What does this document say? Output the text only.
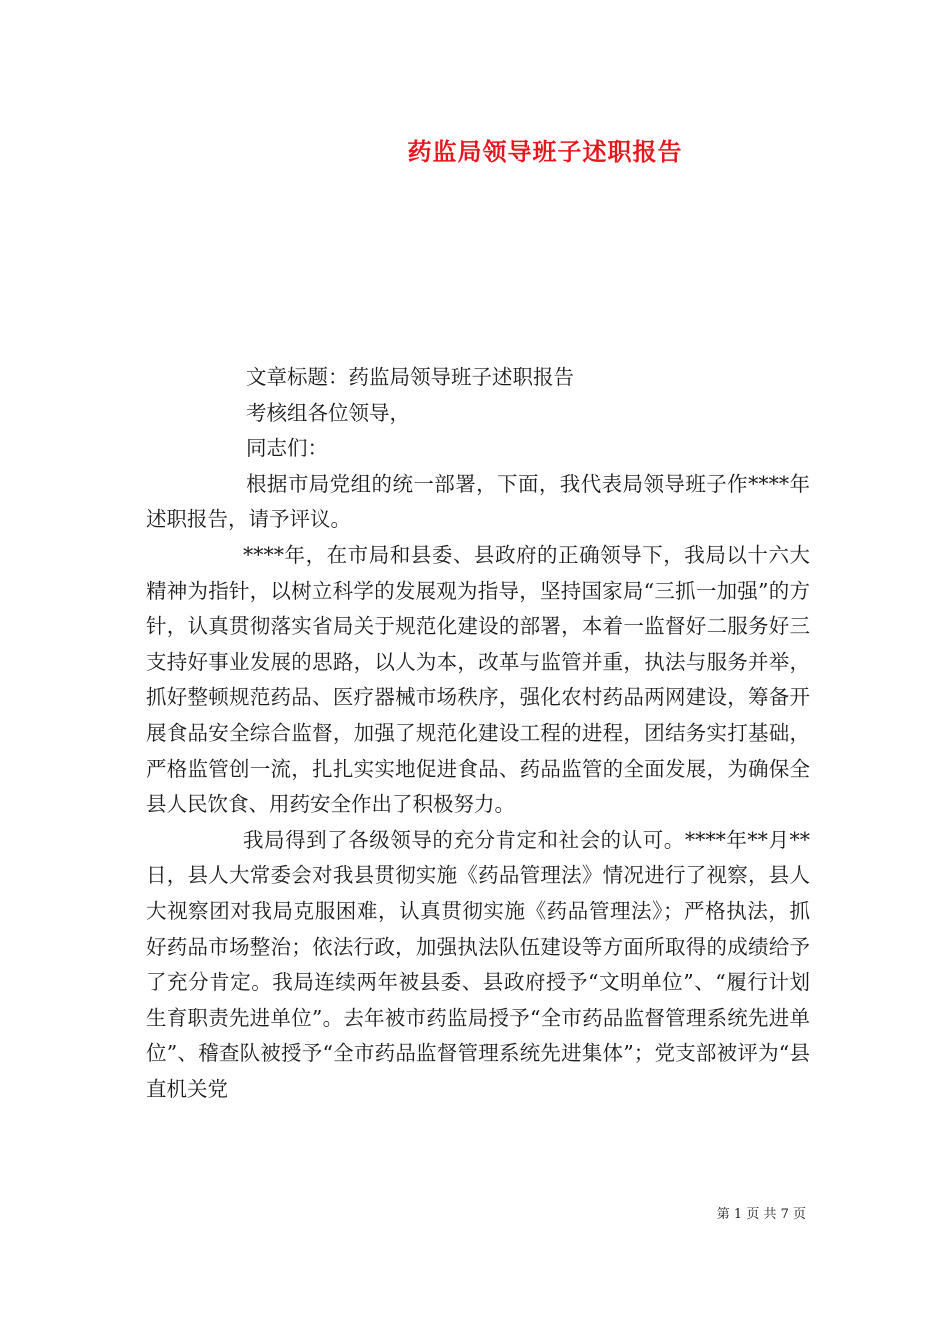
药监局领导班子述职报告

文章标题：药监局领导班子述职报告

考核组各位领导，

同志们：

根据市局党组的统一部署，下面，我代表局领导班子作****年述职报告，请予评议。

****年，在市局和县委、县政府的正确领导下，我局以十六大精神为指针，以树立科学的发展观为指导，坚持国家局“三抓一加强”的方针，认真贯彻落实省局关于规范化建设的部署，本着一监督好二服务好三支持好事业发展的思路，以人为本，改革与监管并重，执法与服务并举，抓好整顿规范药品、医疗器械市场秩序，强化农村药品两网建设，筹备开展食品安全综合监督，加强了规范化建设工程的进程，团结务实打基础，严格监管创一流，扎扎实实地促进食品、药品监管的全面发展，为确保全县人民饮食、用药安全作出了积极努力。

我局得到了各级领导的充分肯定和社会的认可。****年**月**日，县人大常委会对我县贯彻实施《药品管理法》情况进行了视察，县人大视察团对我局克服困难，认真贯彻实施《药品管理法》；严格执法，抓好药品市场整治；依法行政，加强执法队伍建设等方面所取得的成绩给予了充分肯定。我局连续两年被县委、县政府授予“文明单位”、“履行计划生育职责先进单位”。去年被市药监局授予“全市药品监督管理系统先进单位”、稽查队被授予“全市药品监督管理系统先进集体”；党支部被评为“县直机关党

第 1 页 共 7 页
